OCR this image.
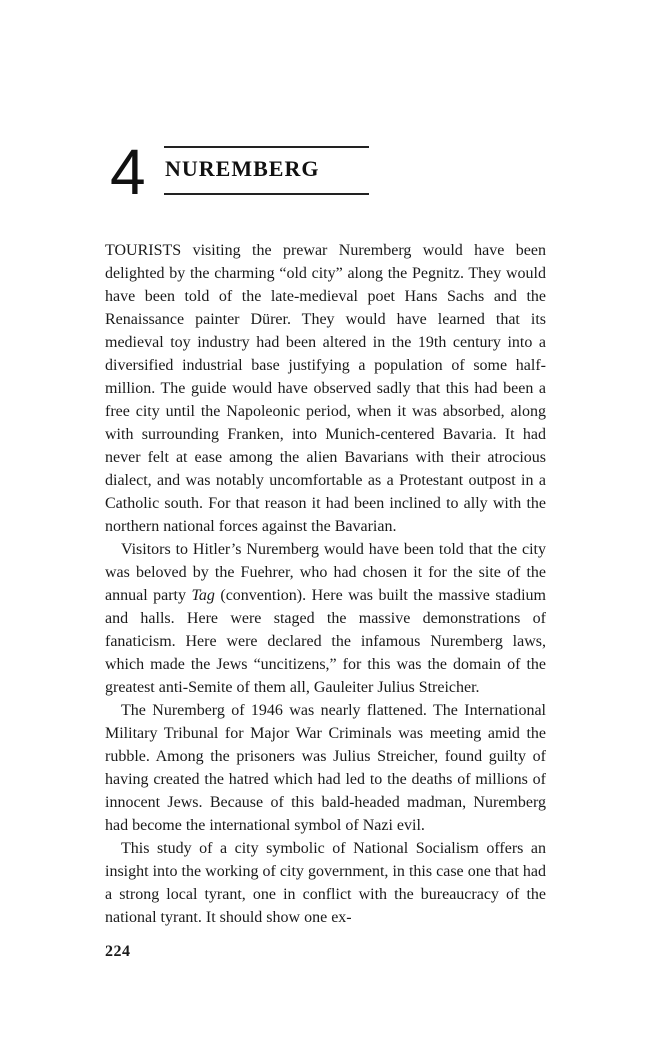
4 NUREMBERG

TOURISTS visiting the prewar Nuremberg would have been delighted by the charming “old city” along the Pegnitz. They would have been told of the late-medieval poet Hans Sachs and the Renaissance painter Dürer. They would have learned that its medieval toy industry had been altered in the 19th century into a diversified industrial base justifying a population of some half-million. The guide would have observed sadly that this had been a free city until the Napoleonic period, when it was absorbed, along with surrounding Franken, into Munich-centered Bavaria. It had never felt at ease among the alien Bavarians with their atrocious dialect, and was notably uncomfortable as a Protestant outpost in a Catholic south. For that reason it had been inclined to ally with the northern national forces against the Bavarian.

Visitors to Hitler’s Nuremberg would have been told that the city was beloved by the Fuehrer, who had chosen it for the site of the annual party Tag (convention). Here was built the massive stadium and halls. Here were staged the massive demonstrations of fanaticism. Here were declared the infamous Nuremberg laws, which made the Jews “uncitizens,” for this was the domain of the greatest anti-Semite of them all, Gauleiter Julius Streicher.

The Nuremberg of 1946 was nearly flattened. The International Military Tribunal for Major War Criminals was meeting amid the rubble. Among the prisoners was Julius Streicher, found guilty of having created the hatred which had led to the deaths of millions of innocent Jews. Because of this bald-headed madman, Nuremberg had become the international symbol of Nazi evil.

This study of a city symbolic of National Socialism offers an insight into the working of city government, in this case one that had a strong local tyrant, one in conflict with the bureaucracy of the national tyrant. It should show one ex-

224
